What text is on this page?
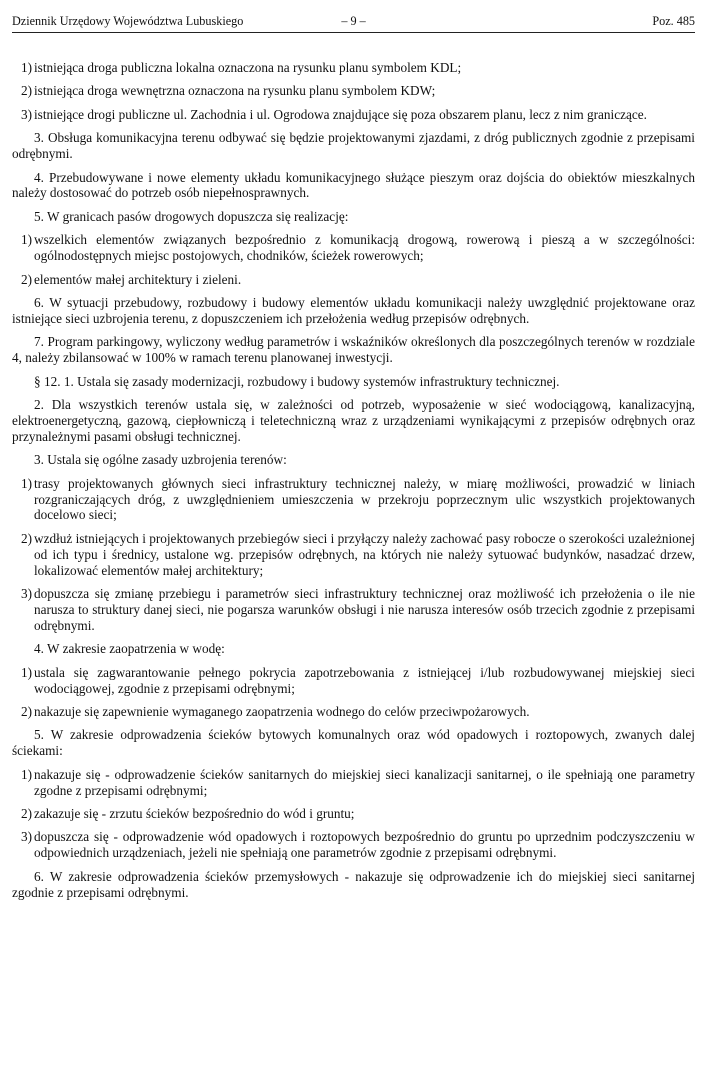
Dziennik Urzędowy Województwa Lubuskiego	– 9 –	Poz. 485
1) istniejąca droga publiczna lokalna oznaczona na rysunku planu symbolem KDL;
2) istniejąca droga wewnętrzna oznaczona na rysunku planu symbolem KDW;
3) istniejące drogi publiczne ul. Zachodnia i ul. Ogrodowa znajdujące się poza obszarem planu, lecz z nim graniczące.

3. Obsługa komunikacyjna terenu odbywać się będzie projektowanymi zjazdami, z dróg publicznych zgodnie z przepisami odrębnymi.

4. Przebudowywane i nowe elementy układu komunikacyjnego służące pieszym oraz dojścia do obiektów mieszkalnych należy dostosować do potrzeb osób niepełnosprawnych.

5. W granicach pasów drogowych dopuszcza się realizację:

1) wszelkich elementów związanych bezpośrednio z komunikacją drogową, rowerową i pieszą a w szczególności: ogólnodostępnych miejsc postojowych, chodników, ścieżek rowerowych;
2) elementów małej architektury i zieleni.

6. W sytuacji przebudowy, rozbudowy i budowy elementów układu komunikacji należy uwzględnić projektowane oraz istniejące sieci uzbrojenia terenu, z dopuszczeniem ich przełożenia według przepisów odrębnych.

7. Program parkingowy, wyliczony według parametrów i wskaźników określonych dla poszczególnych terenów w rozdziale 4, należy zbilansować w 100% w ramach terenu planowanej inwestycji.

§ 12. 1. Ustala się zasady modernizacji, rozbudowy i budowy systemów infrastruktury technicznej.

2. Dla wszystkich terenów ustala się, w zależności od potrzeb, wyposażenie w sieć wodociągową, kanalizacyjną, elektroenergetyczną, gazową, ciepłowniczą i teletechniczną wraz z urządzeniami wynikającymi z przepisów odrębnych oraz przynależnymi pasami obsługi technicznej.

3. Ustala się ogólne zasady uzbrojenia terenów:

1) trasy projektowanych głównych sieci infrastruktury technicznej należy, w miarę możliwości, prowadzić w liniach rozgraniczających dróg, z uwzględnieniem umieszczenia w przekroju poprzecznym ulic wszystkich projektowanych docelowo sieci;
2) wzdłuż istniejących i projektowanych przebiegów sieci i przyłączy należy zachować pasy robocze o szerokości uzależnionej od ich typu i średnicy, ustalone wg. przepisów odrębnych, na których nie należy sytuować budynków, nasadzać drzew, lokalizować elementów małej architektury;
3) dopuszcza się zmianę przebiegu i parametrów sieci infrastruktury technicznej oraz możliwość ich przełożenia o ile nie narusza to struktury danej sieci, nie pogarsza warunków obsługi i nie narusza interesów osób trzecich zgodnie z przepisami odrębnymi.

4. W zakresie zaopatrzenia w wodę:

1) ustala się zagwarantowanie pełnego pokrycia zapotrzebowania z istniejącej i/lub rozbudowywanej miejskiej sieci wodociągowej, zgodnie z przepisami odrębnymi;
2) nakazuje się zapewnienie wymaganego zaopatrzenia wodnego do celów przeciwpożarowych.

5. W zakresie odprowadzenia ścieków bytowych komunalnych oraz wód opadowych i roztopowych, zwanych dalej ściekami:

1) nakazuje się - odprowadzenie ścieków sanitarnych do miejskiej sieci kanalizacji sanitarnej, o ile spełniają one parametry zgodne z przepisami odrębnymi;
2) zakazuje się - zrzutu ścieków bezpośrednio do wód i gruntu;
3) dopuszcza się - odprowadzenie wód opadowych i roztopowych bezpośrednio do gruntu po uprzednim podczyszczeniu w odpowiednich urządzeniach, jeżeli nie spełniają one parametrów zgodnie z przepisami odrębnymi.

6. W zakresie odprowadzenia ścieków przemysłowych - nakazuje się odprowadzenie ich do miejskiej sieci sanitarnej zgodnie z przepisami odrębnymi.
